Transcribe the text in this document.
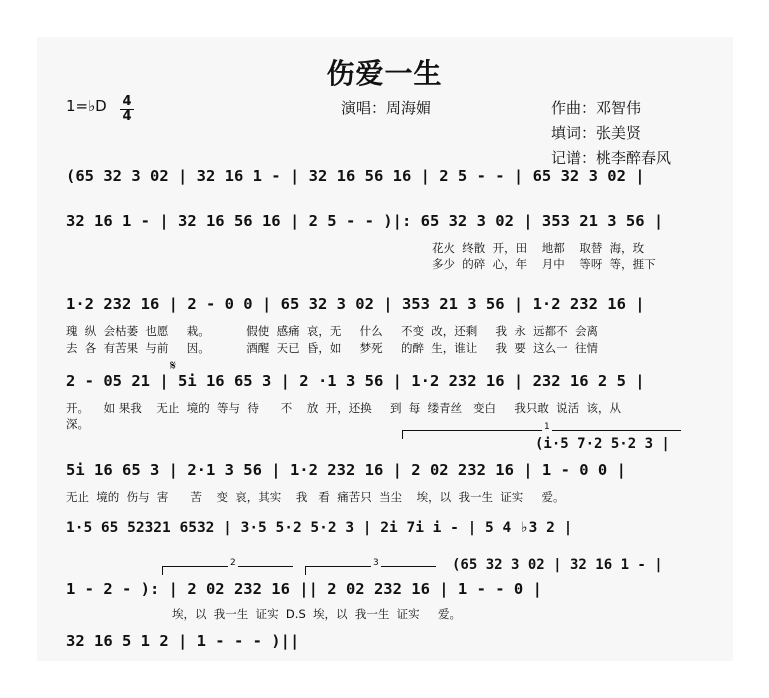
伤爱一生
1=♭D 4
4	演唱：周海媚	作曲：邓智伟
填词：张美贤
记谱：桃李醉春风
(65 32 3 02 | 32 16 1 - | 32 16 56 16 | 2 5 - - | 65 32 3 02 |
32 16 1 - | 32 16 56 16 | 2 5 - - )|: 65 32 3 02 | 353 21 3 56 |
花火  终散  开，田    地都    取替  海，玫
多少  的碎  心，年    月中    等呀  等，捱下
1·2 232 16 | 2 - 0 0 | 65 32 3 02 | 353 21 3 56 | 1·2 232 16 |
瑰  纵  会枯萎  也愿     栽。          假使  感痛  哀，无     什么     不变  改，还剩     我  永  远都不  会离
去  各  有苦果  与前     因。          酒醒  天已  昏，如     梦死     的醉  生，谁让     我  要  这么一  往情
𝄋
2 - 05 21 | 5i 16 65 3 | 2 ·1 3 56 | 1·2 232 16 | 232 16 2 5 |
开。    如 果我    无止  境的  等与  待      不    放  开，还换     到  每  缕青丝   变白     我只敢  说活  该，从
深。	1
(i·5 7·2 5·2 3 |
5i 16 65 3 | 2·1 3 56 | 1·2 232 16 | 2 02 232 16 | 1 - 0 0 |
无止  境的  伤与  害      苦    变  哀，其实    我   看  痛苦只  当尘    埃，以  我一生  证实     爱。
1·5 65 52321 6532 | 3·5 5·2 5·2 3 | 2i 7i i - | 5 4 ♭3 2 |
2	3	(65 32 3 02 | 32 16 1 - |
1 - 2 - ): | 2 02 232 16 || 2 02 232 16 | 1 - - 0 |
埃，以  我一生  证实  D.S  埃，以  我一生  证实     爱。
32 16 5 1 2 | 1 - - - )||
